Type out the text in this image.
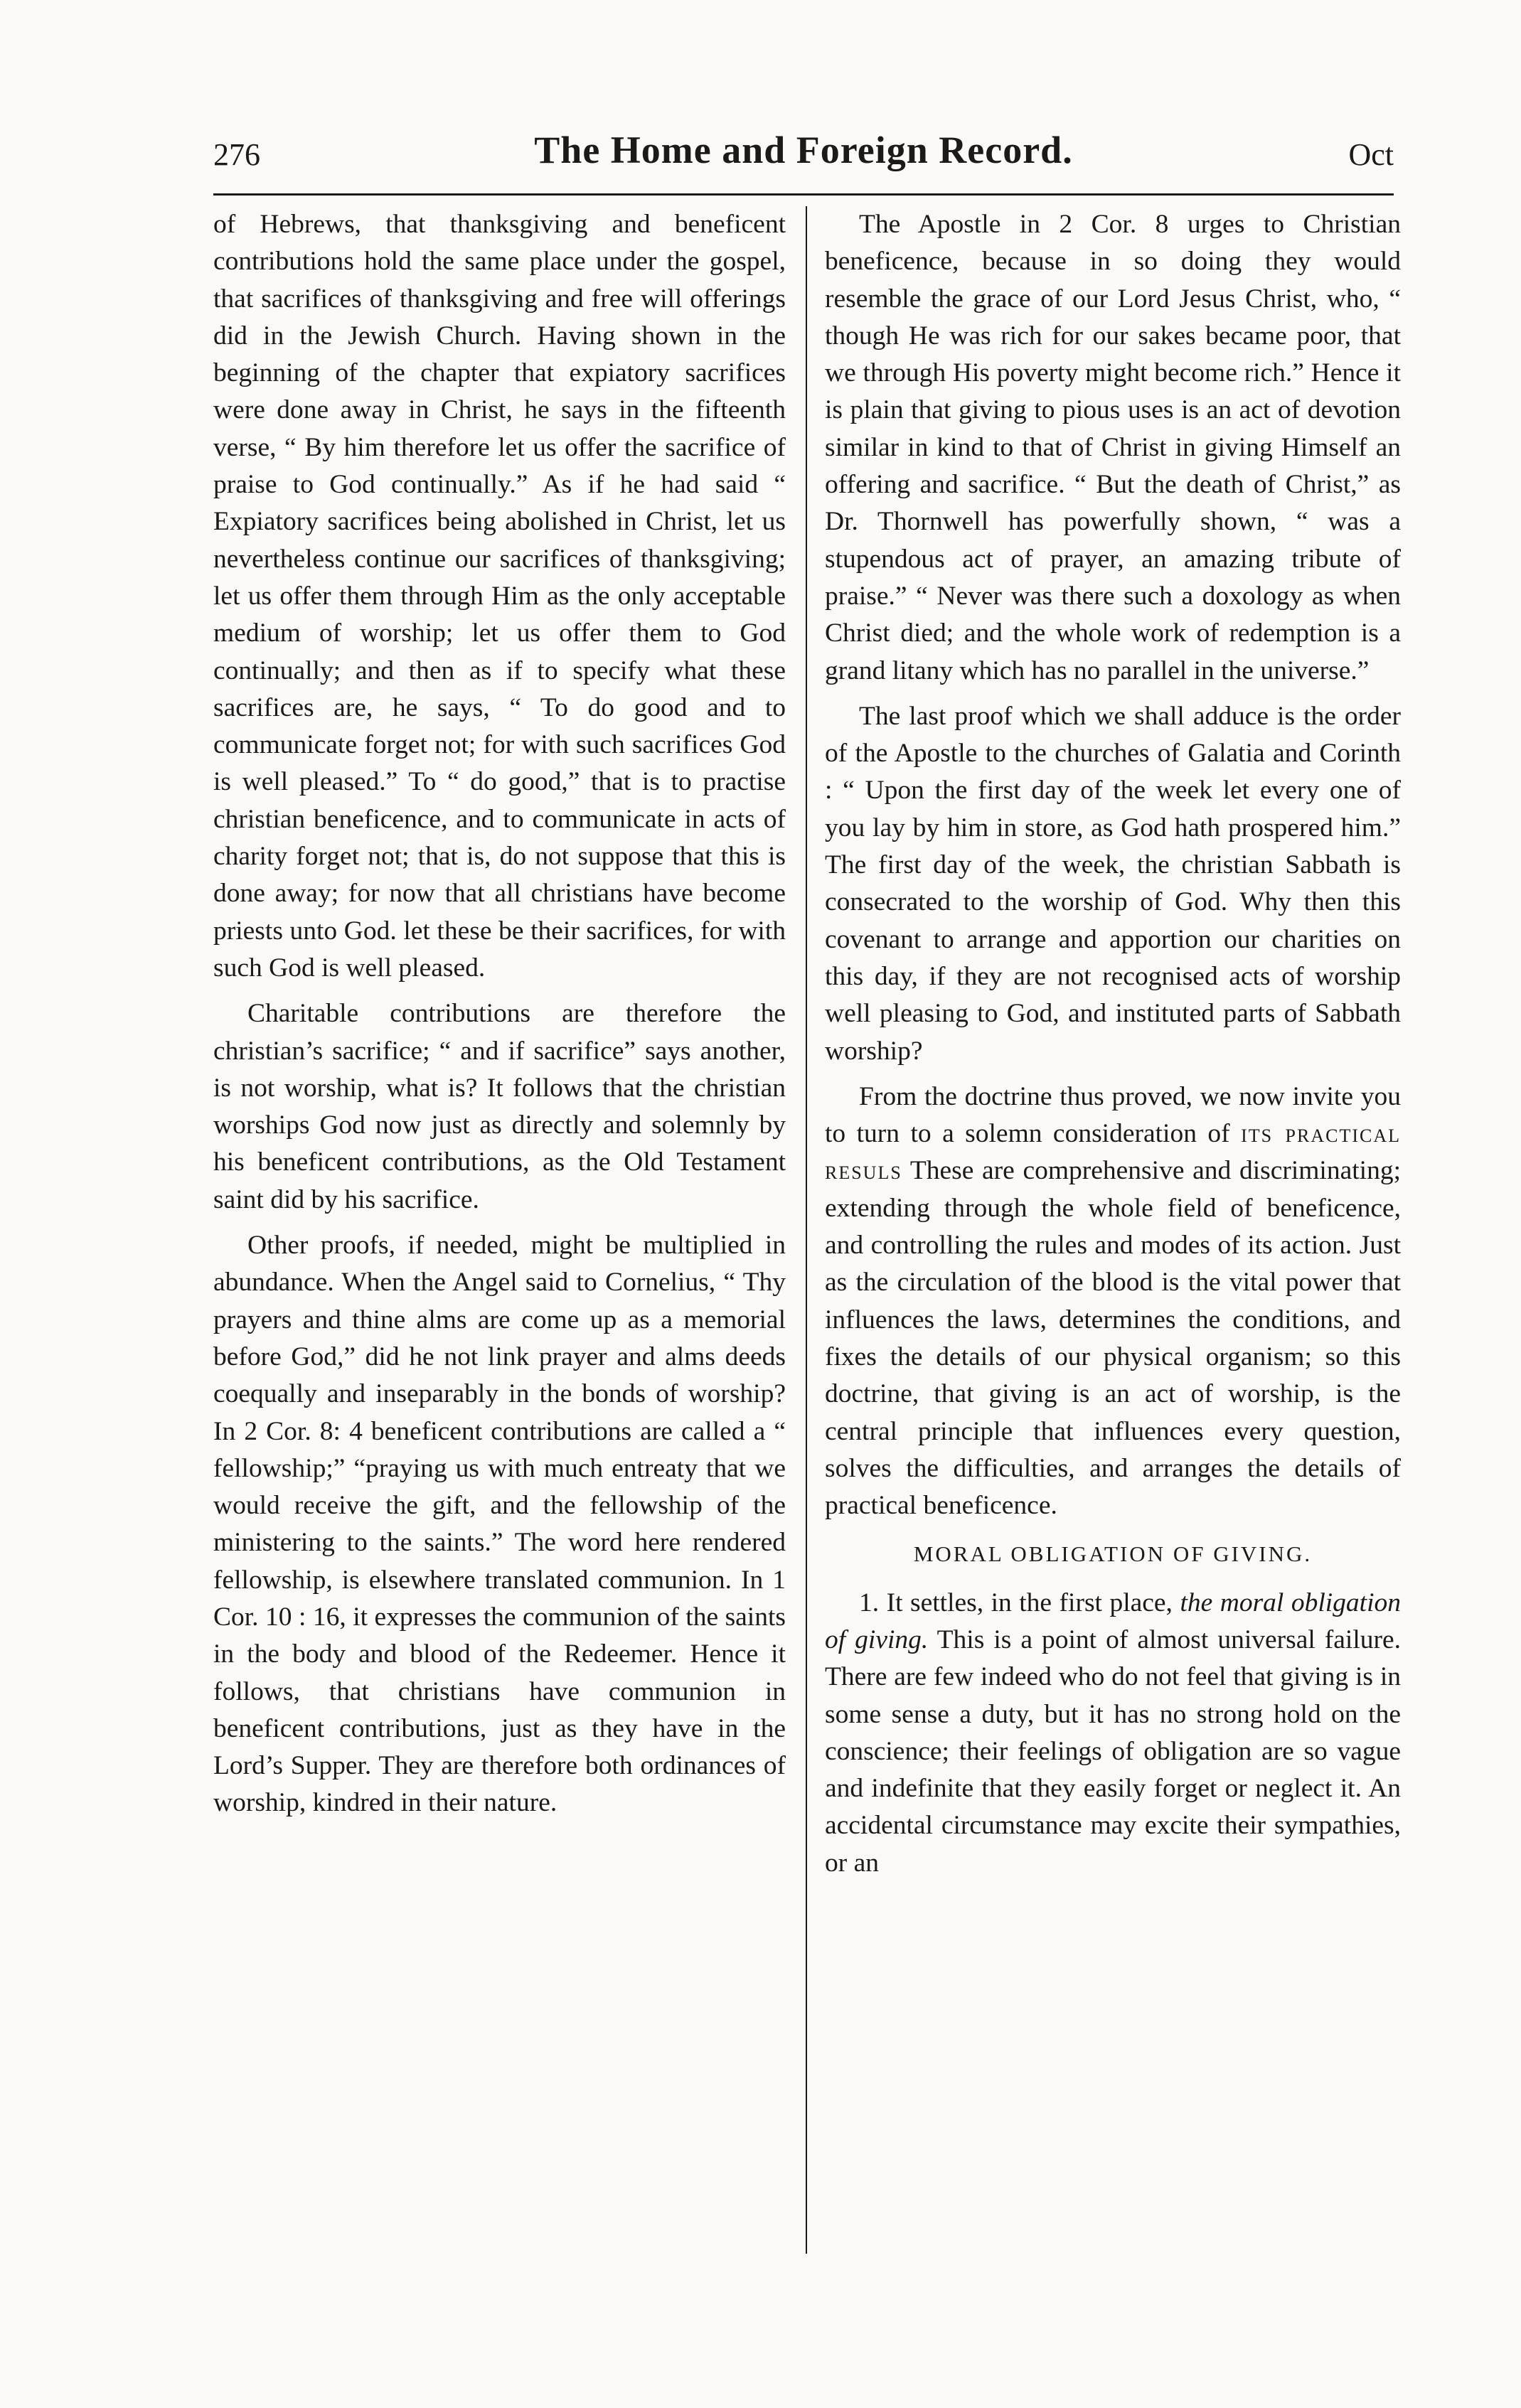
276	The Home and Foreign Record.	Oct

of Hebrews, that thanksgiving and beneficent contributions hold the same place under the gospel, that sacrifices of thanksgiving and free will offerings did in the Jewish Church. Having shown in the beginning of the chapter that expiatory sacrifices were done away in Christ, he says in the fifteenth verse, “ By him therefore let us offer the sacrifice of praise to God continually.” As if he had said “ Expiatory sacrifices being abolished in Christ, let us nevertheless continue our sacrifices of thanksgiving; let us offer them through Him as the only acceptable medium of worship; let us offer them to God continually; and then as if to specify what these sacrifices are, he says, “ To do good and to communicate forget not; for with such sacrifices God is well pleased.” To “ do good,” that is to practise christian beneficence, and to communicate in acts of charity forget not; that is, do not suppose that this is done away; for now that all christians have become priests unto God. let these be their sacrifices, for with such God is well pleased.

Charitable contributions are therefore the christian’s sacrifice; “ and if sacrifice” says another, is not worship, what is? It follows that the christian worships God now just as directly and solemnly by his beneficent contributions, as the Old Testament saint did by his sacrifice.

Other proofs, if needed, might be multiplied in abundance. When the Angel said to Cornelius, “ Thy prayers and thine alms are come up as a memorial before God,” did he not link prayer and alms deeds coequally and inseparably in the bonds of worship? In 2 Cor. 8: 4 beneficent contributions are called a “ fellowship;” “praying us with much entreaty that we would receive the gift, and the fellowship of the ministering to the saints.” The word here rendered fellowship, is elsewhere translated communion. In 1 Cor. 10 : 16, it expresses the communion of the saints in the body and blood of the Redeemer. Hence it follows, that christians have communion in beneficent contributions, just as they have in the Lord’s Supper. They are therefore both ordinances of worship, kindred in their nature.

The Apostle in 2 Cor. 8 urges to Christian beneficence, because in so doing they would resemble the grace of our Lord Jesus Christ, who, “ though He was rich for our sakes became poor, that we through His poverty might become rich.” Hence it is plain that giving to pious uses is an act of devotion similar in kind to that of Christ in giving Himself an offering and sacrifice. “ But the death of Christ,” as Dr. Thornwell has powerfully shown, “ was a stupendous act of prayer, an amazing tribute of praise.” “ Never was there such a doxology as when Christ died; and the whole work of redemption is a grand litany which has no parallel in the universe.”

The last proof which we shall adduce is the order of the Apostle to the churches of Galatia and Corinth : “ Upon the first day of the week let every one of you lay by him in store, as God hath prospered him.” The first day of the week, the christian Sabbath is consecrated to the worship of God. Why then this covenant to arrange and apportion our charities on this day, if they are not recognised acts of worship well pleasing to God, and instituted parts of Sabbath worship?

From the doctrine thus proved, we now invite you to turn to a solemn consideration of its practical resuls These are comprehensive and discriminating; extending through the whole field of beneficence, and controlling the rules and modes of its action. Just as the circulation of the blood is the vital power that influences the laws, determines the conditions, and fixes the details of our physical organism; so this doctrine, that giving is an act of worship, is the central principle that influences every question, solves the difficulties, and arranges the details of practical beneficence.

MORAL OBLIGATION OF GIVING.

1. It settles, in the first place, the moral obligation of giving. This is a point of almost universal failure. There are few indeed who do not feel that giving is in some sense a duty, but it has no strong hold on the conscience; their feelings of obligation are so vague and indefinite that they easily forget or neglect it. An accidental circumstance may excite their sympathies, or an
